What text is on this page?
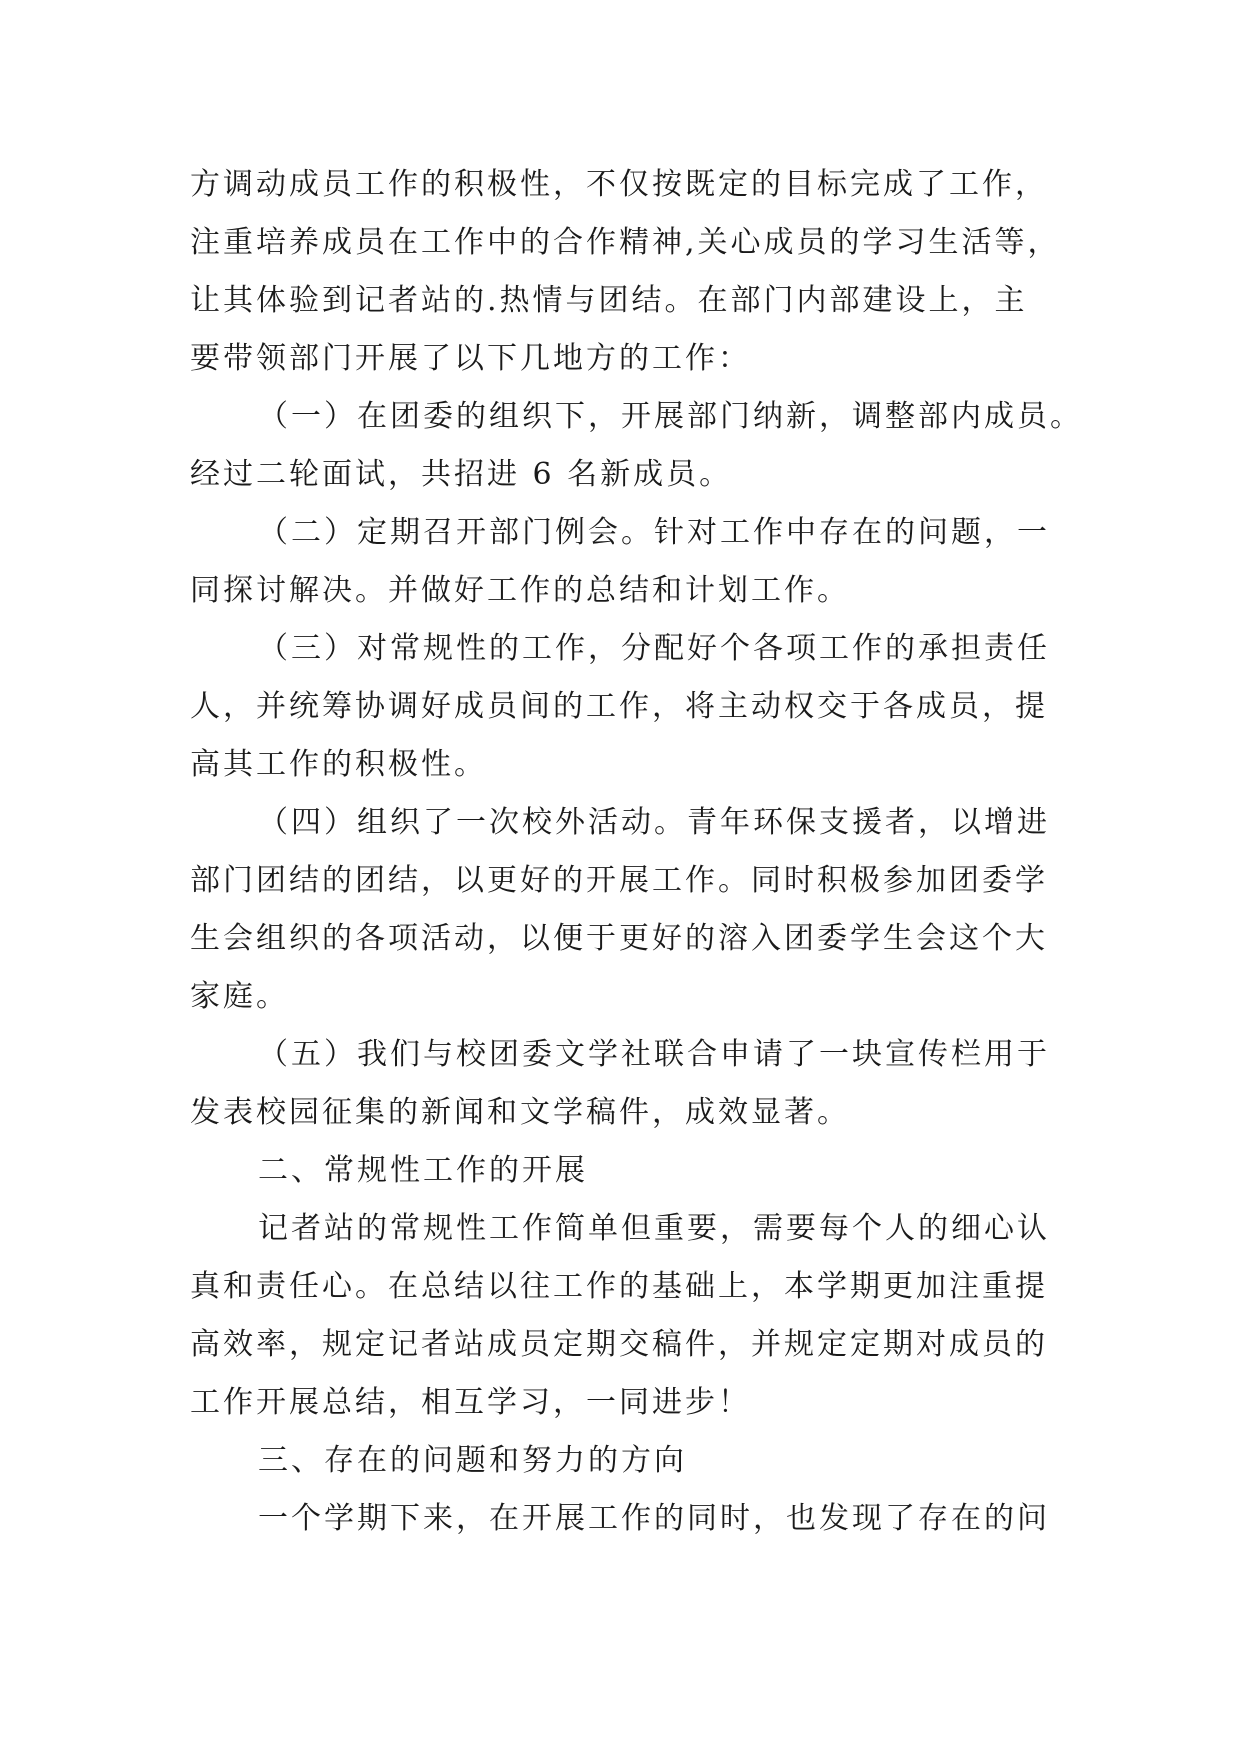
方调动成员工作的积极性，不仅按既定的目标完成了工作，
注重培养成员在工作中的合作精神,关心成员的学习生活等，
让其体验到记者站的.热情与团结。在部门内部建设上，主
要带领部门开展了以下几地方的工作：
（一）在团委的组织下，开展部门纳新，调整部内成员。
经过二轮面试，共招进 6 名新成员。
（二）定期召开部门例会。针对工作中存在的问题，一
同探讨解决。并做好工作的总结和计划工作。
（三）对常规性的工作，分配好个各项工作的承担责任
人，并统筹协调好成员间的工作，将主动权交于各成员，提
高其工作的积极性。
（四）组织了一次校外活动。青年环保支援者，以增进
部门团结的团结，以更好的开展工作。同时积极参加团委学
生会组织的各项活动，以便于更好的溶入团委学生会这个大
家庭。
（五）我们与校团委文学社联合申请了一块宣传栏用于
发表校园征集的新闻和文学稿件，成效显著。
二、常规性工作的开展
记者站的常规性工作简单但重要，需要每个人的细心认
真和责任心。在总结以往工作的基础上，本学期更加注重提
高效率，规定记者站成员定期交稿件，并规定定期对成员的
工作开展总结，相互学习，一同进步！
三、存在的问题和努力的方向
一个学期下来，在开展工作的同时，也发现了存在的问
